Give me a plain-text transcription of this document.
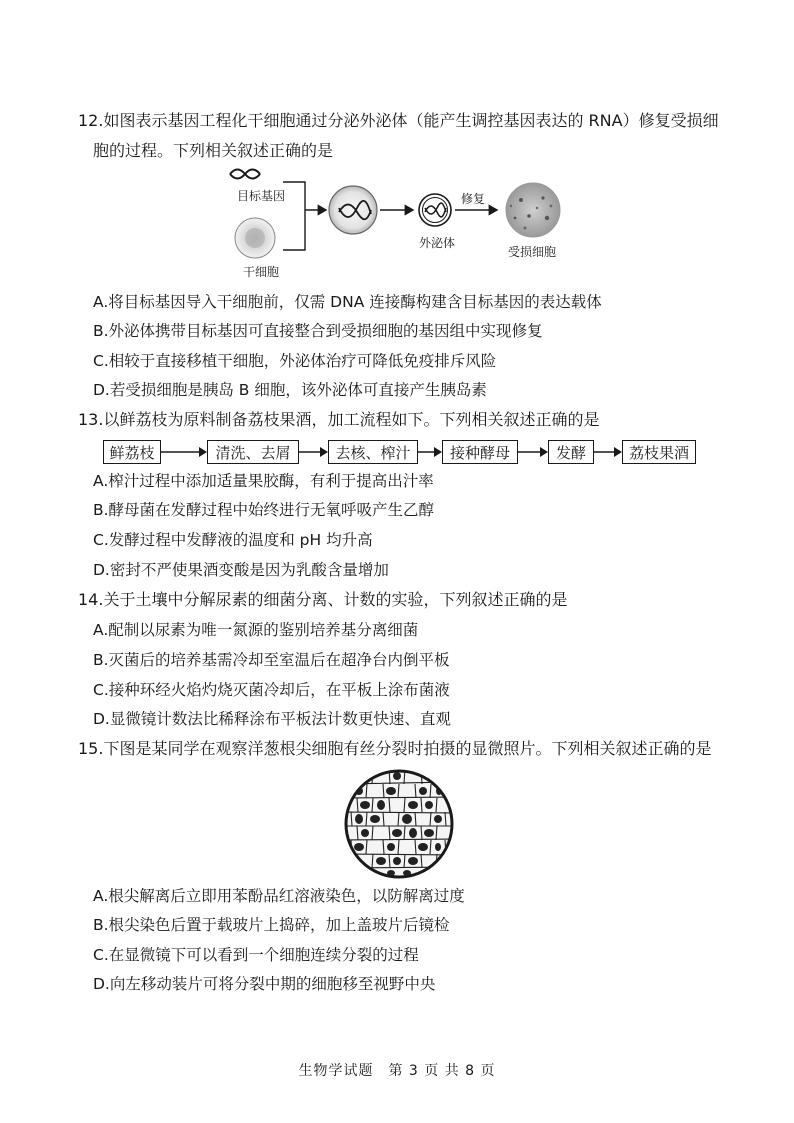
12.如图表示基因工程化干细胞通过分泌外泌体（能产生调控基因表达的 RNA）修复受损细
胞的过程。下列相关叙述正确的是
目标基因
干细胞
外泌体
修复
受损细胞
A.将目标基因导入干细胞前，仅需 DNA 连接酶构建含目标基因的表达载体
B.外泌体携带目标基因可直接整合到受损细胞的基因组中实现修复
C.相较于直接移植干细胞，外泌体治疗可降低免疫排斥风险
D.若受损细胞是胰岛 B 细胞，该外泌体可直接产生胰岛素
13.以鲜荔枝为原料制备荔枝果酒，加工流程如下。下列相关叙述正确的是
鲜荔枝	清洗、去屑	去核、榨汁	接种酵母	发酵	荔枝果酒
A.榨汁过程中添加适量果胶酶，有利于提高出汁率
B.酵母菌在发酵过程中始终进行无氧呼吸产生乙醇
C.发酵过程中发酵液的温度和 pH 均升高
D.密封不严使果酒变酸是因为乳酸含量增加
14.关于土壤中分解尿素的细菌分离、计数的实验，下列叙述正确的是
A.配制以尿素为唯一氮源的鉴别培养基分离细菌
B.灭菌后的培养基需冷却至室温后在超净台内倒平板
C.接种环经火焰灼烧灭菌冷却后，在平板上涂布菌液
D.显微镜计数法比稀释涂布平板法计数更快速、直观
15.下图是某同学在观察洋葱根尖细胞有丝分裂时拍摄的显微照片。下列相关叙述正确的是
A.根尖解离后立即用苯酚品红溶液染色，以防解离过度
B.根尖染色后置于载玻片上捣碎，加上盖玻片后镜检
C.在显微镜下可以看到一个细胞连续分裂的过程
D.向左移动装片可将分裂中期的细胞移至视野中央
生物学试题　第 3 页 共 8 页
